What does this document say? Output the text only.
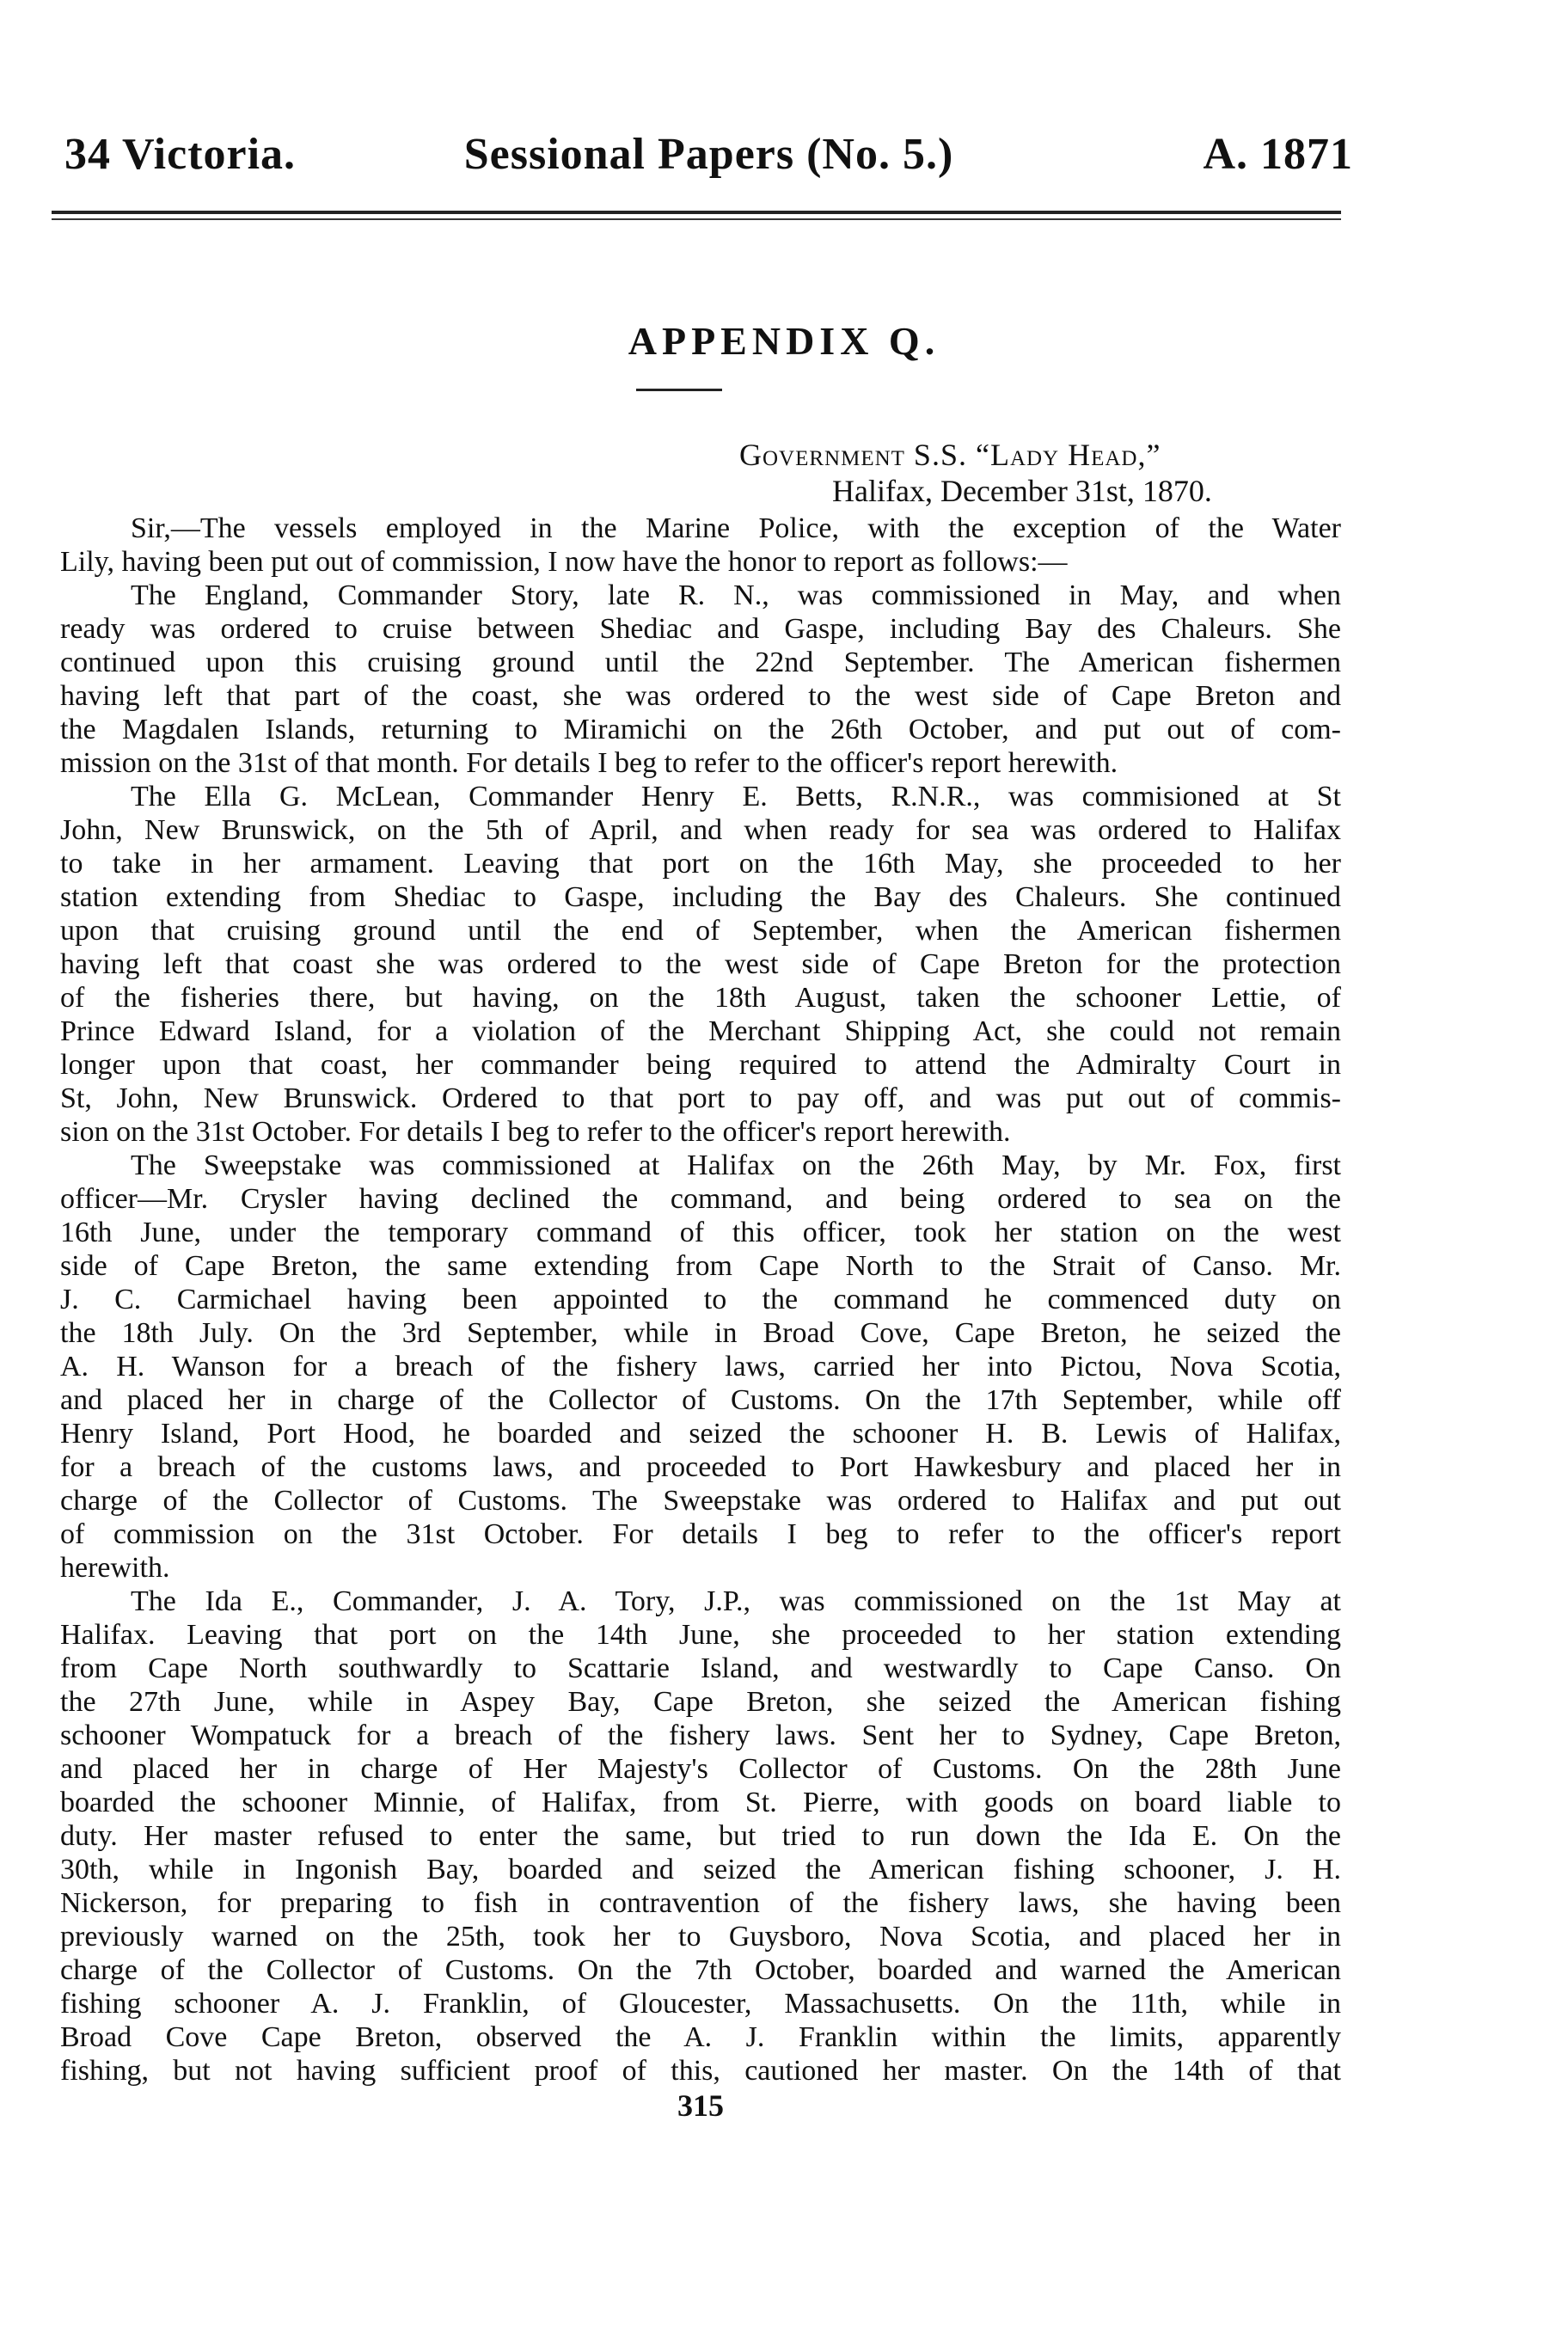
34 Victoria.	Sessional Papers (No. 5.)	A. 1871
APPENDIX Q.
Government S.S. “Lady Head,”
Halifax, December 31st, 1870.
Sir,—The vessels employed in the Marine Police, with the exception of the Water
Lily, having been put out of commission, I now have the honor to report as follows:—
The England, Commander Story, late R. N., was commissioned in May, and when
ready was ordered to cruise between Shediac and Gaspe, including Bay des Chaleurs. She
continued upon this cruising ground until the 22nd September. The American fishermen
having left that part of the coast, she was ordered to the west side of Cape Breton and
the Magdalen Islands, returning to Miramichi on the 26th October, and put out of com-
mission on the 31st of that month. For details I beg to refer to the officer's report herewith.
The Ella G. McLean, Commander Henry E. Betts, R.N.R., was commisioned at St
John, New Brunswick, on the 5th of April, and when ready for sea was ordered to Halifax
to take in her armament. Leaving that port on the 16th May, she proceeded to her
station extending from Shediac to Gaspe, including the Bay des Chaleurs. She continued
upon that cruising ground until the end of September, when the American fishermen
having left that coast she was ordered to the west side of Cape Breton for the protection
of the fisheries there, but having, on the 18th August, taken the schooner Lettie, of
Prince Edward Island, for a violation of the Merchant Shipping Act, she could not remain
longer upon that coast, her commander being required to attend the Admiralty Court in
St, John, New Brunswick. Ordered to that port to pay off, and was put out of commis-
sion on the 31st October. For details I beg to refer to the officer's report herewith.
The Sweepstake was commissioned at Halifax on the 26th May, by Mr. Fox, first
officer—Mr. Crysler having declined the command, and being ordered to sea on the
16th June, under the temporary command of this officer, took her station on the west
side of Cape Breton, the same extending from Cape North to the Strait of Canso. Mr.
J. C. Carmichael having been appointed to the command he commenced duty on
the 18th July. On the 3rd September, while in Broad Cove, Cape Breton, he seized the
A. H. Wanson for a breach of the fishery laws, carried her into Pictou, Nova Scotia,
and placed her in charge of the Collector of Customs. On the 17th September, while off
Henry Island, Port Hood, he boarded and seized the schooner H. B. Lewis of Halifax,
for a breach of the customs laws, and proceeded to Port Hawkesbury and placed her in
charge of the Collector of Customs. The Sweepstake was ordered to Halifax and put out
of commission on the 31st October. For details I beg to refer to the officer's report
herewith.
The Ida E., Commander, J. A. Tory, J.P., was commissioned on the 1st May at
Halifax. Leaving that port on the 14th June, she proceeded to her station extending
from Cape North southwardly to Scattarie Island, and westwardly to Cape Canso. On
the 27th June, while in Aspey Bay, Cape Breton, she seized the American fishing
schooner Wompatuck for a breach of the fishery laws. Sent her to Sydney, Cape Breton,
and placed her in charge of Her Majesty's Collector of Customs. On the 28th June
boarded the schooner Minnie, of Halifax, from St. Pierre, with goods on board liable to
duty. Her master refused to enter the same, but tried to run down the Ida E. On the
30th, while in Ingonish Bay, boarded and seized the American fishing schooner, J. H.
Nickerson, for preparing to fish in contravention of the fishery laws, she having been
previously warned on the 25th, took her to Guysboro, Nova Scotia, and placed her in
charge of the Collector of Customs. On the 7th October, boarded and warned the American
fishing schooner A. J. Franklin, of Gloucester, Massachusetts. On the 11th, while in
Broad Cove Cape Breton, observed the A. J. Franklin within the limits, apparently
fishing, but not having sufficient proof of this, cautioned her master. On the 14th of that
315
